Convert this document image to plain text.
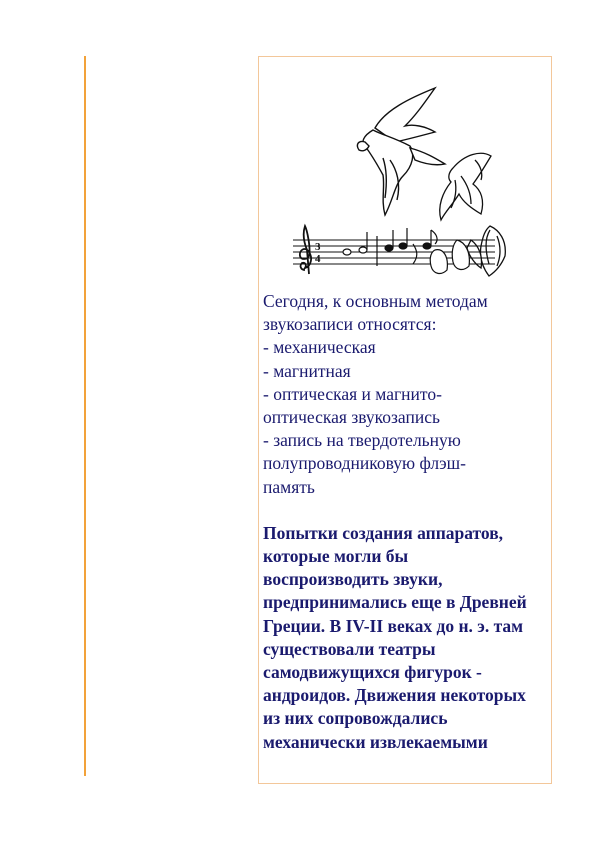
3
4

Сегодня, к основным методам
звукозаписи относятся:
- механическая
- магнитная
- оптическая и магнито-
оптическая звукозапись
- запись на твердотельную
полупроводниковую флэш-
память

Попытки создания аппаратов,
которые могли бы
воспроизводить звуки,
предпринимались еще в Древней
Греции. В IV-II веках до н. э. там
существовали театры
самодвижущихся фигурок -
андроидов. Движения некоторых
из них сопровождались
механически извлекаемыми
